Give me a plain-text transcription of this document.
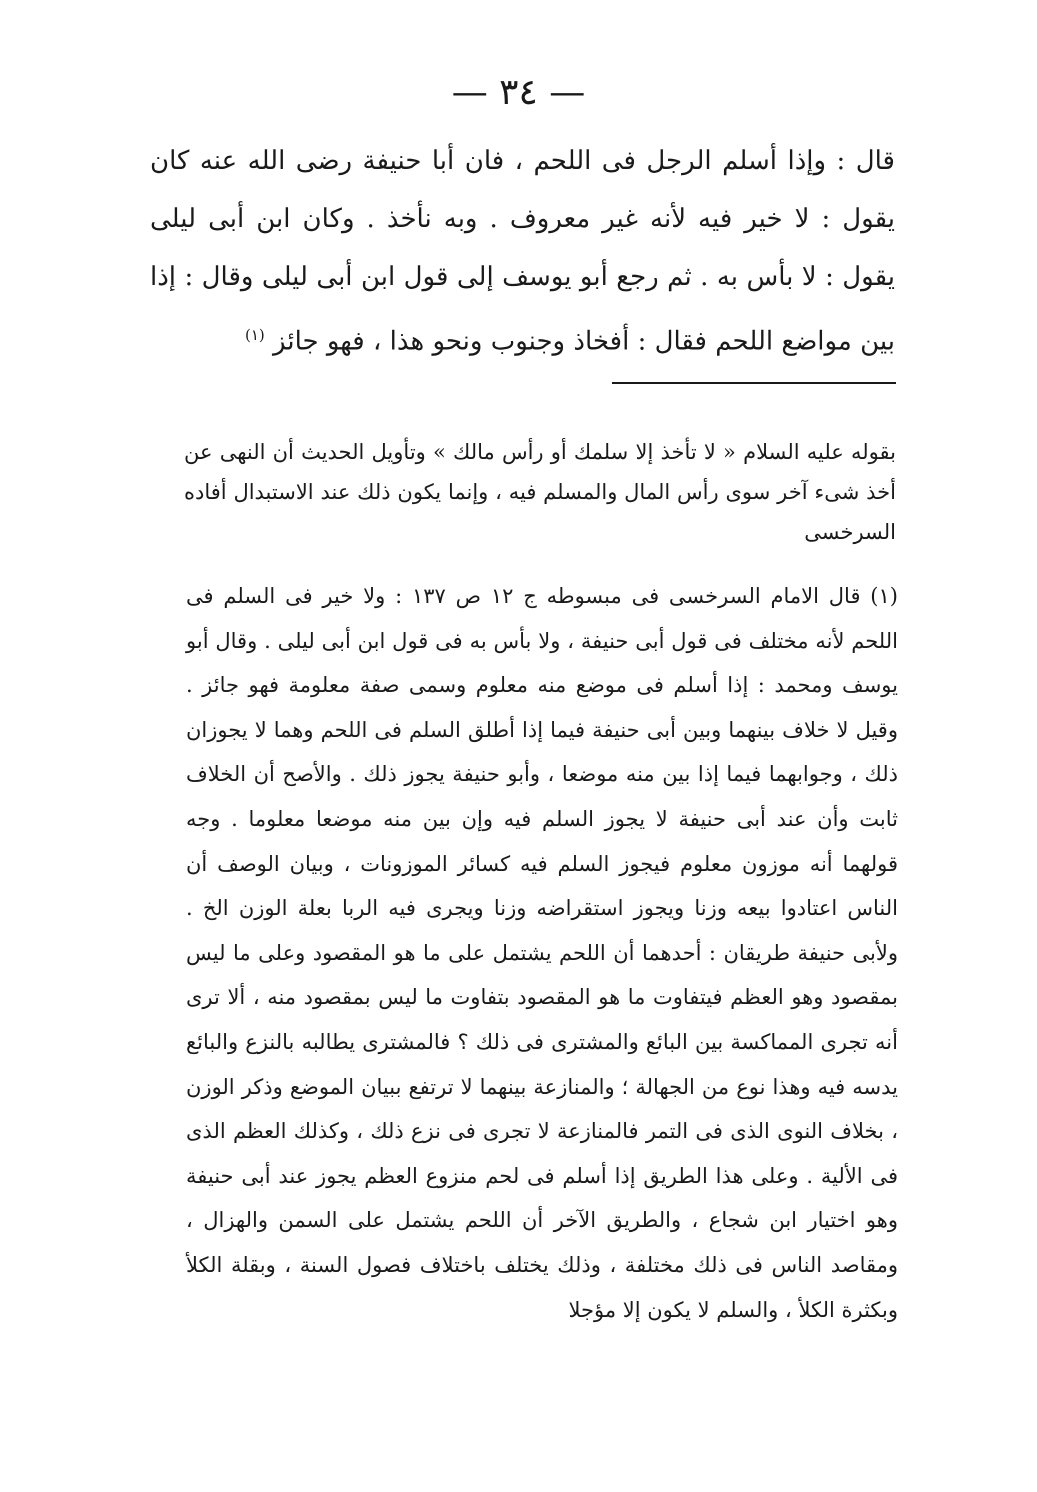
— ٣٤ —

قال : وإذا أسلم الرجل فى اللحم ، فان أبا حنيفة رضى الله عنه كان يقول : لا خير فيه لأنه غير معروف . وبه نأخذ . وكان ابن أبى ليلى يقول : لا بأس به . ثم رجع أبو يوسف إلى قول ابن أبى ليلى وقال : إذا بين مواضع اللحم فقال : أفخاذ وجنوب ونحو هذا ، فهو جائز $^{(١)}$

بقوله عليه السلام « لا تأخذ إلا سلمك أو رأس مالك » وتأويل الحديث أن النهى عن أخذ شىء آخر سوى رأس المال والمسلم فيه ، وإنما يكون ذلك عند الاستبدال أفاده السرخسى

(١) قال الامام السرخسى فى مبسوطه ج ١٢ ص ١٣٧ : ولا خير فى السلم فى اللحم لأنه مختلف فى قول أبى حنيفة ، ولا بأس به فى قول ابن أبى ليلى . وقال أبو يوسف ومحمد : إذا أسلم فى موضع منه معلوم وسمى صفة معلومة فهو جائز . وقيل لا خلاف بينهما وبين أبى حنيفة فيما إذا أطلق السلم فى اللحم وهما لا يجوزان ذلك ، وجوابهما فيما إذا بين منه موضعا ، وأبو حنيفة يجوز ذلك . والأصح أن الخلاف ثابت وأن عند أبى حنيفة لا يجوز السلم فيه وإن بين منه موضعا معلوما . وجه قولهما أنه موزون معلوم فيجوز السلم فيه كسائر الموزونات ، وبيان الوصف أن الناس اعتادوا بيعه وزنا ويجوز استقراضه وزنا ويجرى فيه الربا بعلة الوزن الخ . ولأبى حنيفة طريقان : أحدهما أن اللحم يشتمل على ما هو المقصود وعلى ما ليس بمقصود وهو العظم فيتفاوت ما هو المقصود بتفاوت ما ليس بمقصود منه ، ألا ترى أنه تجرى المماكسة بين البائع والمشترى فى ذلك ؟ فالمشترى يطالبه بالنزع والبائع يدسه فيه وهذا نوع من الجهالة ؛ والمنازعة بينهما لا ترتفع ببيان الموضع وذكر الوزن ، بخلاف النوى الذى فى التمر فالمنازعة لا تجرى فى نزع ذلك ، وكذلك العظم الذى فى الألية . وعلى هذا الطريق إذا أسلم فى لحم منزوع العظم يجوز عند أبى حنيفة وهو اختيار ابن شجاع ، والطريق الآخر أن اللحم يشتمل على السمن والهزال ، ومقاصد الناس فى ذلك مختلفة ، وذلك يختلف باختلاف فصول السنة ، وبقلة الكلأ وبكثرة الكلأ ، والسلم لا يكون إلا مؤجلا
